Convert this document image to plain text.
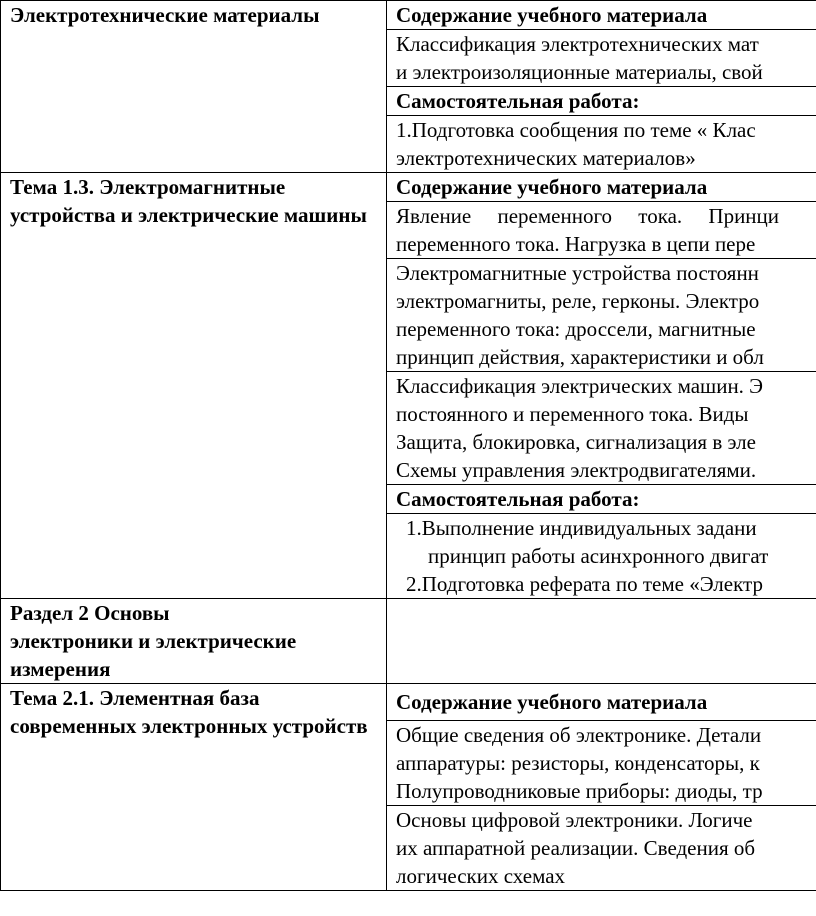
Электротехнические материалы	Содержание учебного материала

	Классификация электротехнических мат
и электроизоляционные материалы, свой

	Самостоятельная работа:

	1.Подготовка сообщения по теме « Клас
электротехнических материалов»

Тема 1.3. Электромагнитные устройства и электрические машины	Содержание учебного материала

	Явление     переменного     тока.     Принци
переменного тока. Нагрузка в цепи пере

	Электромагнитные устройства постоянн
электромагниты, реле, герконы. Электро
переменного тока: дроссели, магнитные
принцип действия, характеристики и обл

	Классификация электрических машин. Э
постоянного и переменного тока. Виды
Защита, блокировка, сигнализация в эле
Схемы управления электродвигателями.

	Самостоятельная работа:

	1.Выполнение индивидуальных задани
принцип работы асинхронного двигат
2.Подготовка реферата по теме «Электр

Раздел 2 Основы
электроники и электрические
измерения	

Тема 2.1. Элементная база современных электронных устройств	Содержание учебного материала

	Общие сведения об электронике. Детали
аппаратуры: резисторы, конденсаторы, к
Полупроводниковые приборы: диоды, тр

	Основы цифровой электроники. Логиче
их аппаратной реализации. Сведения об
логических схемах
